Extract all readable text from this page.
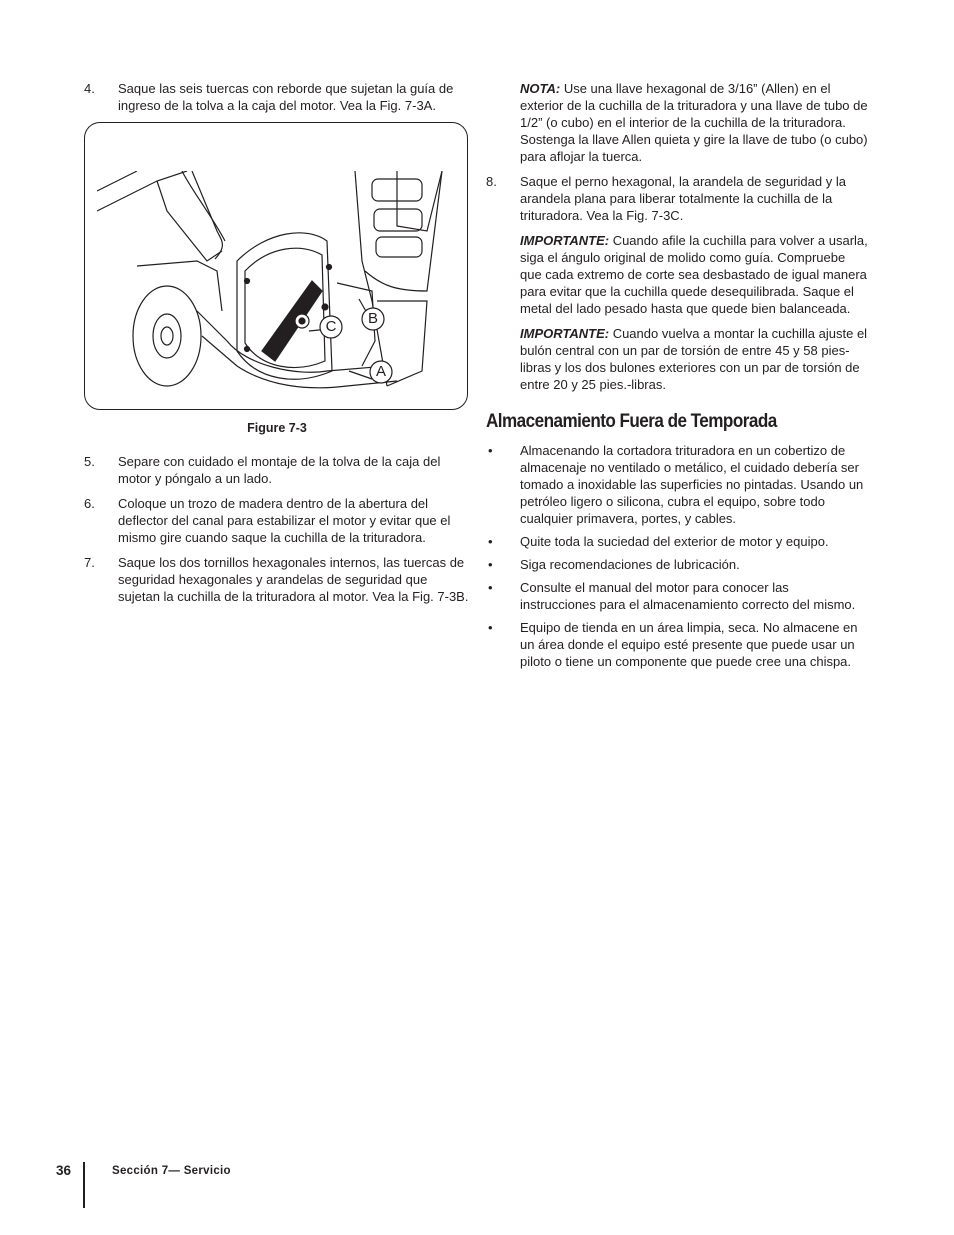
4. Saque las seis tuercas con reborde que sujetan la guía de ingreso de la tolva a la caja del motor. Vea la Fig. 7-3A.
C	B
A
Figure 7-3
5. Separe con cuidado el montaje de la tolva de la caja del motor y póngalo a un lado.
6. Coloque un trozo de madera dentro de la abertura del deflector del canal para estabilizar el motor y evitar que el mismo gire cuando saque la cuchilla de la trituradora.
7. Saque los dos tornillos hexagonales internos, las tuercas de seguridad hexagonales y arandelas de seguridad que sujetan la cuchilla de la trituradora al motor. Vea la Fig. 7-3B.

NOTA: Use una llave hexagonal de 3/16” (Allen) en el exterior de la cuchilla de la trituradora y una llave de tubo de 1/2” (o cubo) en el interior de la cuchilla de la trituradora. Sostenga la llave Allen quieta y gire la llave de tubo (o cubo) para aflojar la tuerca.

8. Saque el perno hexagonal, la arandela de seguridad y la arandela plana para liberar totalmente la cuchilla de la trituradora. Vea la Fig. 7-3C.

IMPORTANTE: Cuando afile la cuchilla para volver a usarla, siga el ángulo original de molido como guía. Compruebe que cada extremo de corte sea desbastado de igual manera para evitar que la cuchilla quede desequilibrada. Saque el metal del lado pesado hasta que quede bien balanceada.

IMPORTANTE: Cuando vuelva a montar la cuchilla ajuste el bulón central con un par de torsión de entre 45 y 58 pies-libras y los dos bulones exteriores con un par de torsión de entre 20 y 25 pies.-libras.

Almacenamiento Fuera de Temporada
• Almacenando la cortadora trituradora en un cobertizo de almacenaje no ventilado o metálico, el cuidado debería ser tomado a inoxidable las superficies no pintadas. Usando un petróleo ligero o silicona, cubra el equipo, sobre todo cualquier primavera, portes, y cables.
• Quite toda la suciedad del exterior de motor y equipo.
• Siga recomendaciones de lubricación.
• Consulte el manual del motor para conocer las instrucciones para el almacenamiento correcto del mismo.
• Equipo de tienda en un área limpia, seca. No almacene en un área donde el equipo esté presente que puede usar un piloto o tiene un componente que puede cree una chispa.
36	Sección 7— Servicio
